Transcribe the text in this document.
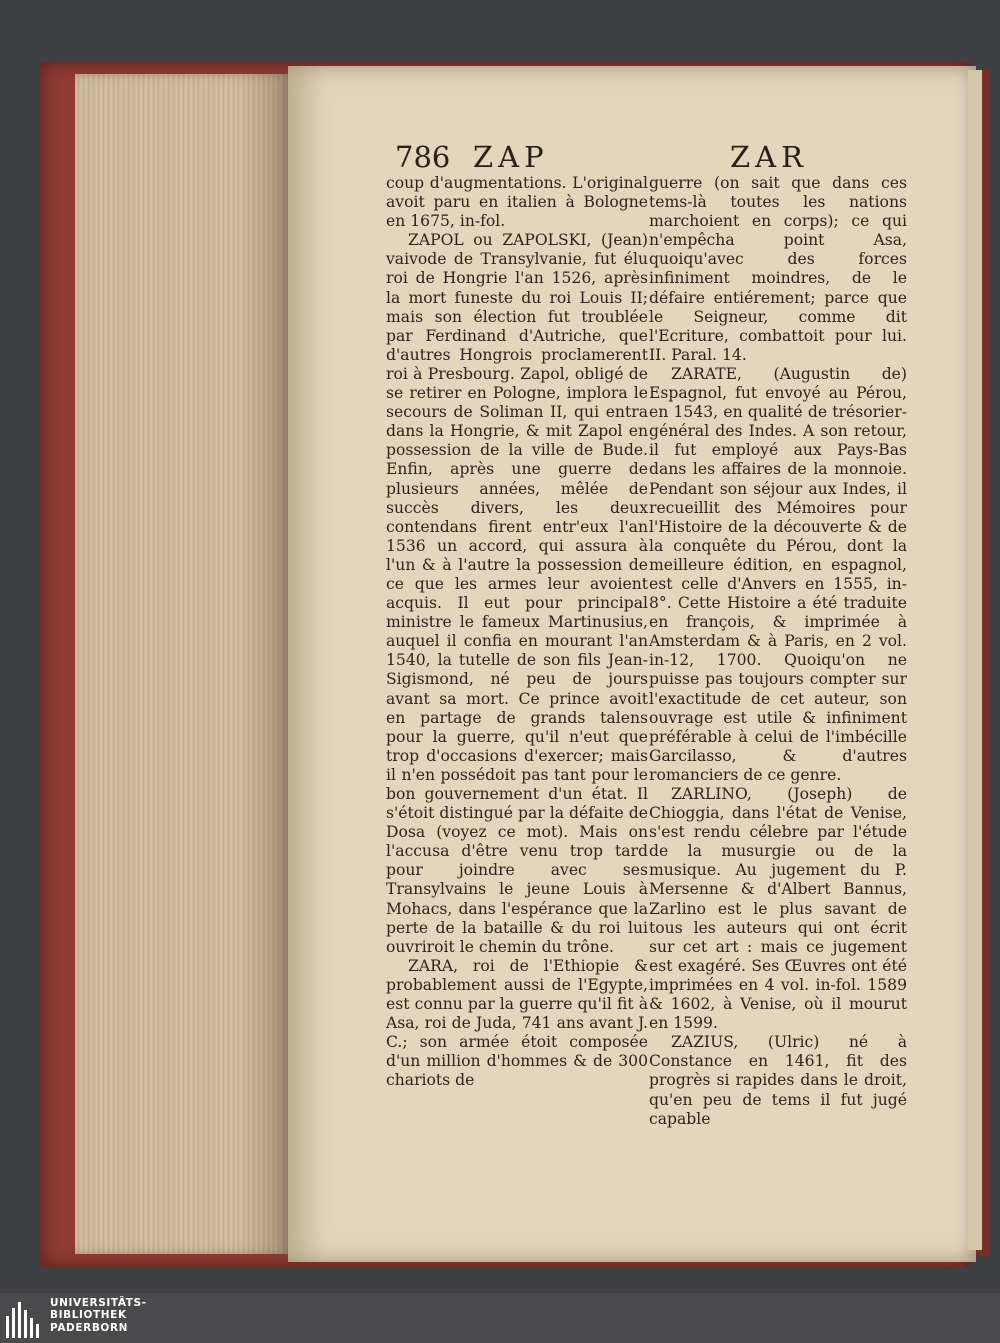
786 ZAP	ZAR

coup d'augmentations. L'original avoit paru en italien à Bologne en 1675, in-fol.

ZAPOL ou ZAPOLSKI, (Jean) vaivode de Transylvanie, fut élu roi de Hongrie l'an 1526, après la mort funeste du roi Louis II; mais son élection fut troublée par Ferdinand d'Autriche, que d'autres Hongrois proclamerent roi à Presbourg. Zapol, obligé de se retirer en Pologne, implora le secours de Soliman II, qui entra dans la Hongrie, & mit Zapol en possession de la ville de Bude. Enfin, après une guerre de plusieurs années, mêlée de succès divers, les deux contendans firent entr'eux l'an 1536 un accord, qui assura à l'un & à l'autre la possession de ce que les armes leur avoient acquis. Il eut pour principal ministre le fameux Martinusius, auquel il confia en mourant l'an 1540, la tutelle de son fils Jean-Sigismond, né peu de jours avant sa mort. Ce prince avoit en partage de grands talens pour la guerre, qu'il n'eut que trop d'occasions d'exercer; mais il n'en possédoit pas tant pour le bon gouvernement d'un état. Il s'étoit distingué par la défaite de Dosa (voyez ce mot). Mais on l'accusa d'être venu trop tard pour joindre avec ses Transylvains le jeune Louis à Mohacs, dans l'espérance que la perte de la bataille & du roi lui ouvriroit le chemin du trône.

ZARA, roi de l'Ethiopie & probablement aussi de l'Egypte, est connu par la guerre qu'il fit à Asa, roi de Juda, 741 ans avant J. C.; son armée étoit composée d'un million d'hommes & de 300 chariots de

guerre (on sait que dans ces tems-là toutes les nations marchoient en corps); ce qui n'empêcha point Asa, quoiqu'avec des forces infiniment moindres, de le défaire entiérement; parce que le Seigneur, comme dit l'Ecriture, combattoit pour lui. II. Paral. 14.

ZARATE, (Augustin de) Espagnol, fut envoyé au Pérou, en 1543, en qualité de trésorier-général des Indes. A son retour, il fut employé aux Pays-Bas dans les affaires de la monnoie. Pendant son séjour aux Indes, il recueillit des Mémoires pour l'Histoire de la découverte & de la conquête du Pérou, dont la meilleure édition, en espagnol, est celle d'Anvers en 1555, in-8°. Cette Histoire a été traduite en françois, & imprimée à Amsterdam & à Paris, en 2 vol. in-12, 1700. Quoiqu'on ne puisse pas toujours compter sur l'exactitude de cet auteur, son ouvrage est utile & infiniment préférable à celui de l'imbécille Garcilasso, & d'autres romanciers de ce genre.

ZARLINO, (Joseph) de Chioggia, dans l'état de Venise, s'est rendu célebre par l'étude de la musurgie ou de la musique. Au jugement du P. Mersenne & d'Albert Bannus, Zarlino est le plus savant de tous les auteurs qui ont écrit sur cet art : mais ce jugement est exagéré. Ses Œuvres ont été imprimées en 4 vol. in-fol. 1589 & 1602, à Venise, où il mourut en 1599.

ZAZIUS, (Ulric) né à Constance en 1461, fit des progrès si rapides dans le droit, qu'en peu de tems il fut jugé capable

UNIVERSITÄTS-
BIBLIOTHEK
PADERBORN
